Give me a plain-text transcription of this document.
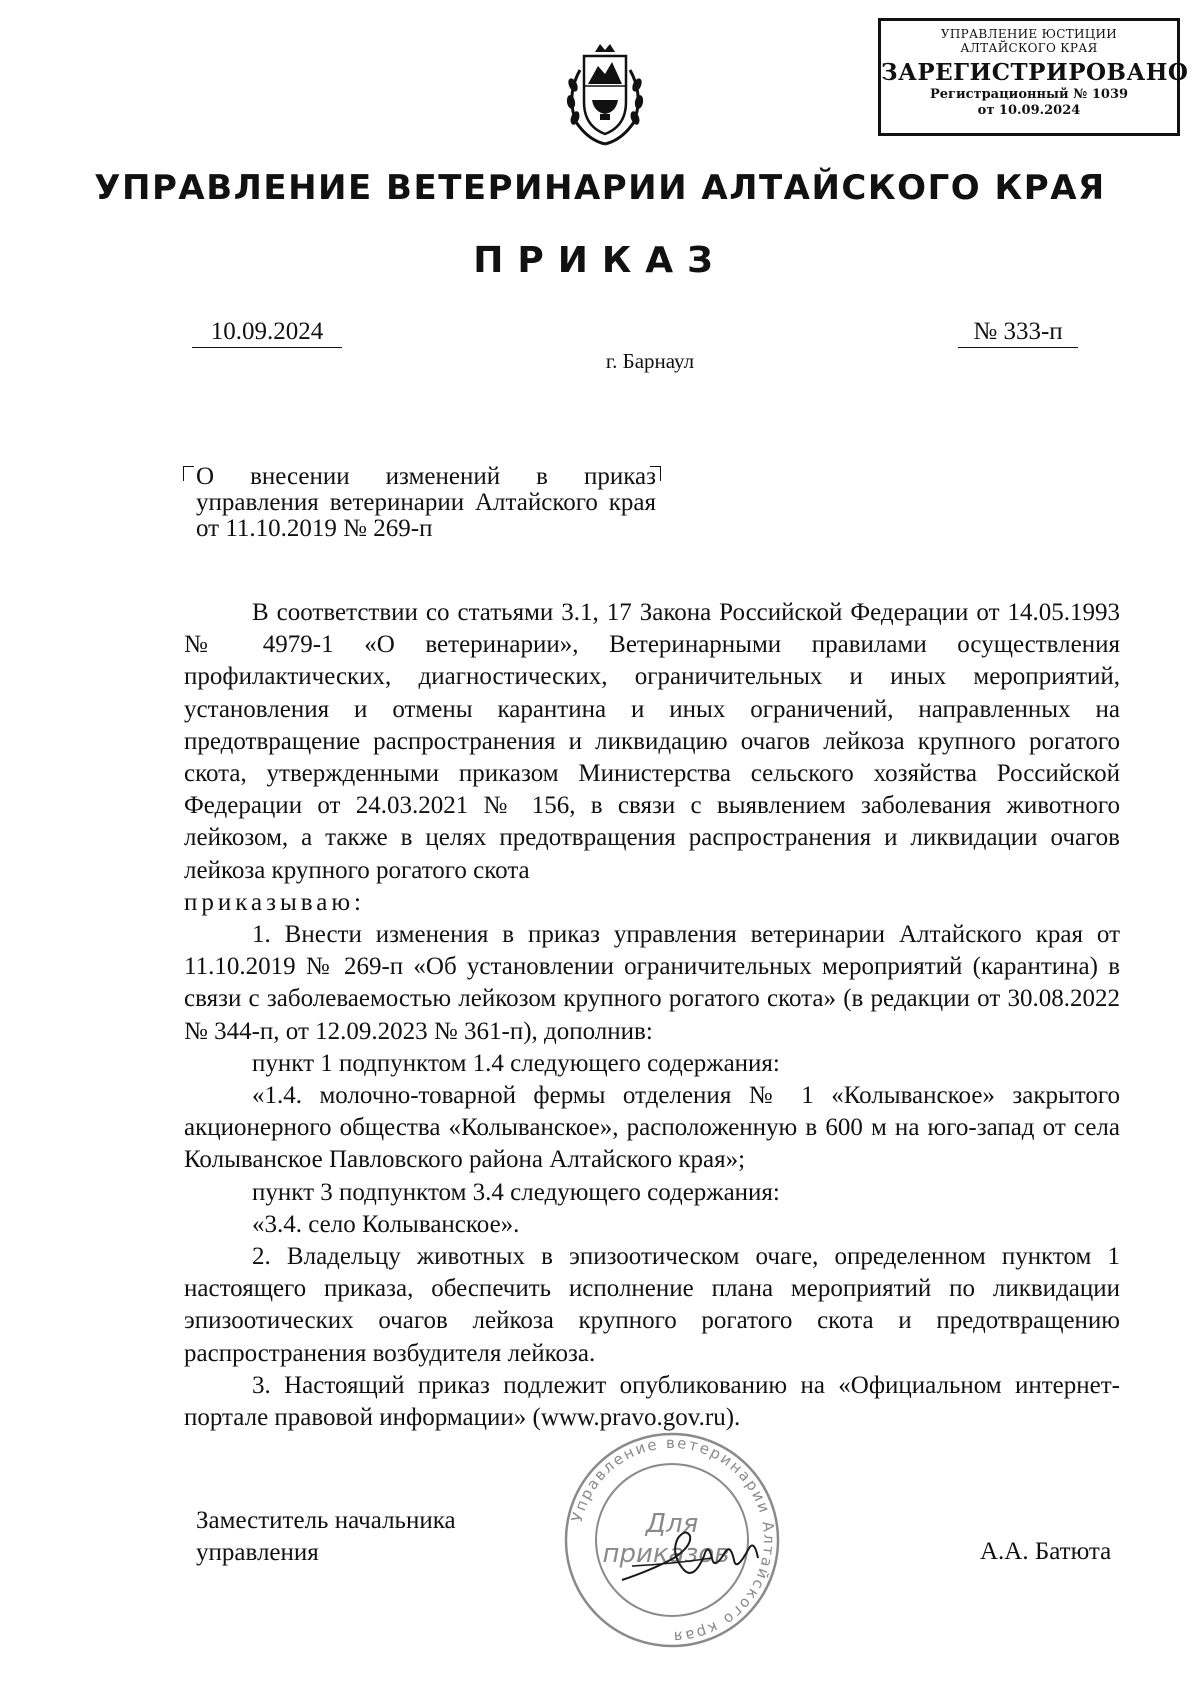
УПРАВЛЕНИЕ ЮСТИЦИИ АЛТАЙСКОГО КРАЯ
ЗАРЕГИСТРИРОВАНО
Регистрационный № 1039
от 10.09.2024
УПРАВЛЕНИЕ ВЕТЕРИНАРИИ АЛТАЙСКОГО КРАЯ
ПРИКАЗ
10.09.2024	№ 333-п
г. Барнаул
О внесении изменений в приказ управления ветеринарии Алтайского края от 11.10.2019 № 269-п

В соответствии со статьями 3.1, 17 Закона Российской Федерации от 14.05.1993 № 4979-1 «О ветеринарии», Ветеринарными правилами осуществления профилактических, диагностических, ограничительных и иных мероприятий, установления и отмены карантина и иных ограничений, направленных на предотвращение распространения и ликвидацию очагов лейкоза крупного рогатого скота, утвержденными приказом Министерства сельского хозяйства Российской Федерации от 24.03.2021 № 156, в связи с выявлением заболевания животного лейкозом, а также в целях предотвращения распространения и ликвидации очагов лейкоза крупного рогатого скота

приказываю:

1. Внести изменения в приказ управления ветеринарии Алтайского края от 11.10.2019 № 269-п «Об установлении ограничительных мероприятий (карантина) в связи с заболеваемостью лейкозом крупного рогатого скота» (в редакции от 30.08.2022 № 344-п, от 12.09.2023 № 361-п), дополнив:

пункт 1 подпунктом 1.4 следующего содержания:

«1.4. молочно-товарной фермы отделения № 1 «Колыванское» закрытого акционерного общества «Колыванское», расположенную в 600 м на юго-запад от села Колыванское Павловского района Алтайского края»;

пункт 3 подпунктом 3.4 следующего содержания:

«3.4. село Колыванское».

2. Владельцу животных в эпизоотическом очаге, определенном пунктом 1 настоящего приказа, обеспечить исполнение плана мероприятий по ликвидации эпизоотических очагов лейкоза крупного рогатого скота и предотвращению распространения возбудителя лейкоза.

3. Настоящий приказ подлежит опубликованию на «Официальном интернет-портале правовой информации» (www.pravo.gov.ru).

Заместитель начальника
управления
Управление ветеринарии Алтайского края
Для
приказов	А.А. Батюта
